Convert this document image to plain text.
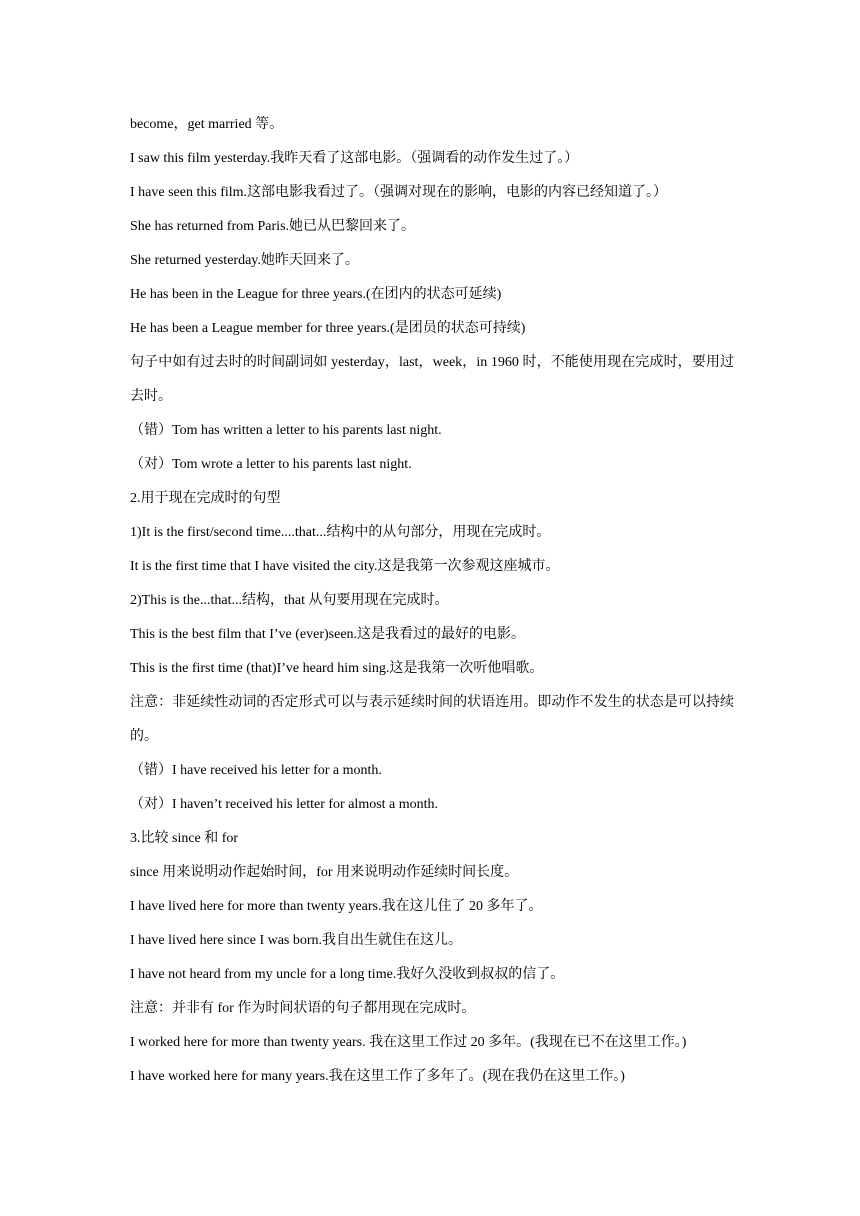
become，get married 等。

I saw this film yesterday.我昨天看了这部电影。（强调看的动作发生过了。）

I have seen this film.这部电影我看过了。（强调对现在的影响，电影的内容已经知道了。）

She has returned from Paris.她已从巴黎回来了。

She returned yesterday.她昨天回来了。

He has been in the League for three years.(在团内的状态可延续)

He has been a League member for three years.(是团员的状态可持续)

句子中如有过去时的时间副词如 yesterday，last，week，in 1960 时，不能使用现在完成时，要用过去时。

（错）Tom has written a letter to his parents last night.

（对）Tom wrote a letter to his parents last night.

2.用于现在完成时的句型

1)It is the first/second time....that...结构中的从句部分，用现在完成时。

It is the first time that I have visited the city.这是我第一次参观这座城市。

2)This is the...that...结构，that 从句要用现在完成时。

This is the best film that I’ve (ever)seen.这是我看过的最好的电影。

This is the first time (that)I’ve heard him sing.这是我第一次听他唱歌。

注意：非延续性动词的否定形式可以与表示延续时间的状语连用。即动作不发生的状态是可以持续的。

（错）I have received his letter for a month.

（对）I haven’t received his letter for almost a month.

3.比较 since 和 for

since 用来说明动作起始时间，for 用来说明动作延续时间长度。

I have lived here for more than twenty years.我在这儿住了 20 多年了。

I have lived here since I was born.我自出生就住在这儿。

I have not heard from my uncle for a long time.我好久没收到叔叔的信了。

注意：并非有 for 作为时间状语的句子都用现在完成时。

I worked here for more than twenty years. 我在这里工作过 20 多年。(我现在已不在这里工作。)

I have worked here for many years.我在这里工作了多年了。(现在我仍在这里工作。)
